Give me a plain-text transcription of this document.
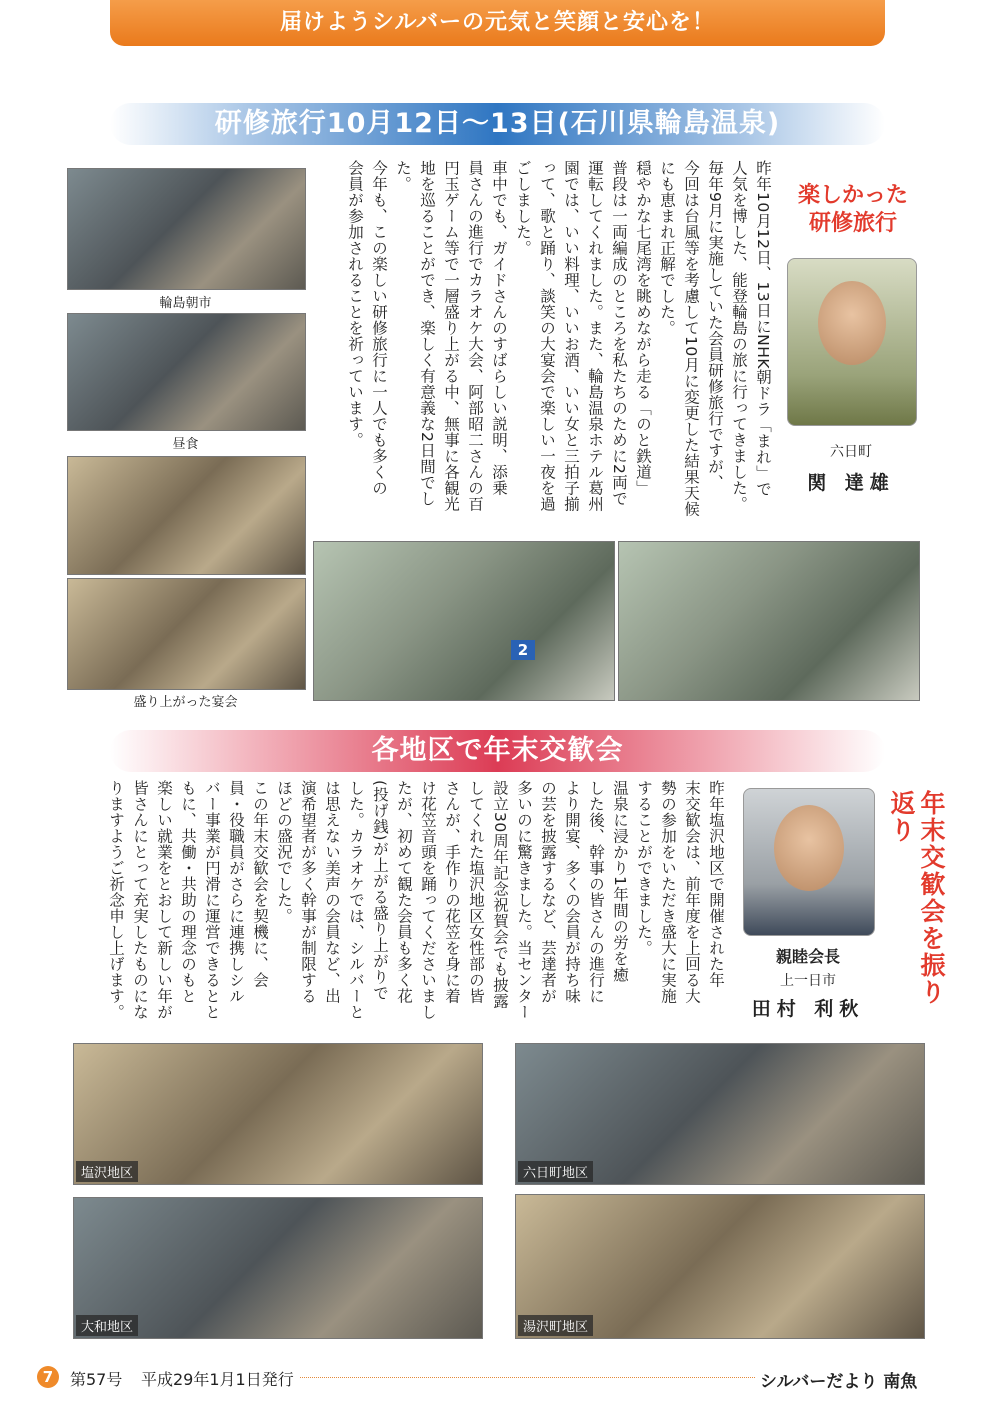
届けようシルバーの元気と笑顔と安心を！
研修旅行10月12日〜13日(石川県輪島温泉)
輪島朝市
昼食
盛り上がった宴会
昨年10月12日、13日にNHK朝ドラ「まれ」で
人気を博した、能登輪島の旅に行ってきました。
毎年9月に実施していた会員研修旅行ですが、
今回は台風等を考慮して10月に変更した結果天候
にも恵まれ正解でした。
穏やかな七尾湾を眺めながら走る「のと鉄道」
普段は一両編成のところを私たちのために2両で
運転してくれました。また、輪島温泉ホテル葛州
園では、いい料理、いいお酒、いい女と三拍子揃
って、歌と踊り、談笑の大宴会で楽しい一夜を過
ごしました。
車中でも、ガイドさんのすばらしい説明、添乗
員さんの進行でカラオケ大会、阿部昭二さんの百
円玉ゲーム等で一層盛り上がる中、無事に各観光
地を巡ることができ、楽しく有意義な2日間でし
た。
今年も、この楽しい研修旅行に一人でも多くの
会員が参加されることを祈っています。	楽しかった
研修旅行
六日町
関 達雄
2
各地区で年末交歓会
昨年塩沢地区で開催された年
末交歓会は、前年度を上回る大
勢の参加をいただき盛大に実施
することができました。
温泉に浸かり1年間の労を癒
した後、幹事の皆さんの進行に
より開宴、多くの会員が持ち味
の芸を披露するなど、芸達者が
多いのに驚きました。当センター
設立30周年記念祝賀会でも披露
してくれた塩沢地区女性部の皆
さんが、手作りの花笠を身に着
け花笠音頭を踊ってくださいまし
たが、初めて観た会員も多く花
(投げ銭)が上がる盛り上がりで
した。カラオケでは、シルバーと
は思えない美声の会員など、出
演希望者が多く幹事が制限する
ほどの盛況でした。
この年末交歓会を契機に、会
員・役職員がさらに連携しシル
バー事業が円滑に運営できるとと
もに、共働・共助の理念のもと
楽しい就業をとおして新しい年が
皆さんにとって充実したものにな
りますようご祈念申し上げます。	親睦会長
上一日市
田村 利秋
年末交歓会を振り返り
塩沢地区	六日町地区
大和地区	湯沢町地区
7	第57号 平成29年1月1日発行	シルバーだより 南魚
